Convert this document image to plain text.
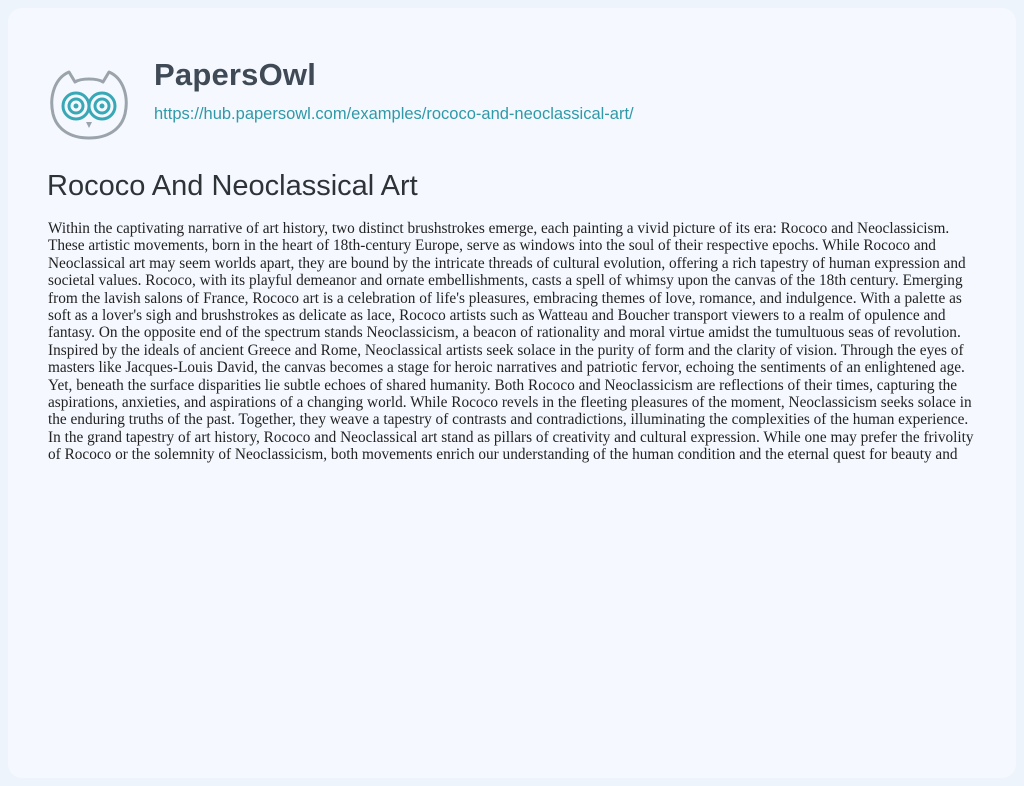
PapersOwl
https://hub.papersowl.com/examples/rococo-and-neoclassical-art/
Rococo And Neoclassical Art

Within the captivating narrative of art history, two distinct brushstrokes emerge, each painting a vivid picture of its era: Rococo and Neoclassicism. These artistic movements, born in the heart of 18th-century Europe, serve as windows into the soul of their respective epochs. While Rococo and Neoclassical art may seem worlds apart, they are bound by the intricate threads of cultural evolution, offering a rich tapestry of human expression and societal values. Rococo, with its playful demeanor and ornate embellishments, casts a spell of whimsy upon the canvas of the 18th century. Emerging from the lavish salons of France, Rococo art is a celebration of life's pleasures, embracing themes of love, romance, and indulgence. With a palette as soft as a lover's sigh and brushstrokes as delicate as lace, Rococo artists such as Watteau and Boucher transport viewers to a realm of opulence and fantasy. On the opposite end of the spectrum stands Neoclassicism, a beacon of rationality and moral virtue amidst the tumultuous seas of revolution. Inspired by the ideals of ancient Greece and Rome, Neoclassical artists seek solace in the purity of form and the clarity of vision. Through the eyes of masters like Jacques-Louis David, the canvas becomes a stage for heroic narratives and patriotic fervor, echoing the sentiments of an enlightened age. Yet, beneath the surface disparities lie subtle echoes of shared humanity. Both Rococo and Neoclassicism are reflections of their times, capturing the aspirations, anxieties, and aspirations of a changing world. While Rococo revels in the fleeting pleasures of the moment, Neoclassicism seeks solace in the enduring truths of the past. Together, they weave a tapestry of contrasts and contradictions, illuminating the complexities of the human experience. In the grand tapestry of art history, Rococo and Neoclassical art stand as pillars of creativity and cultural expression. While one may prefer the frivolity of Rococo or the solemnity of Neoclassicism, both movements enrich our understanding of the human condition and the eternal quest for beauty and
